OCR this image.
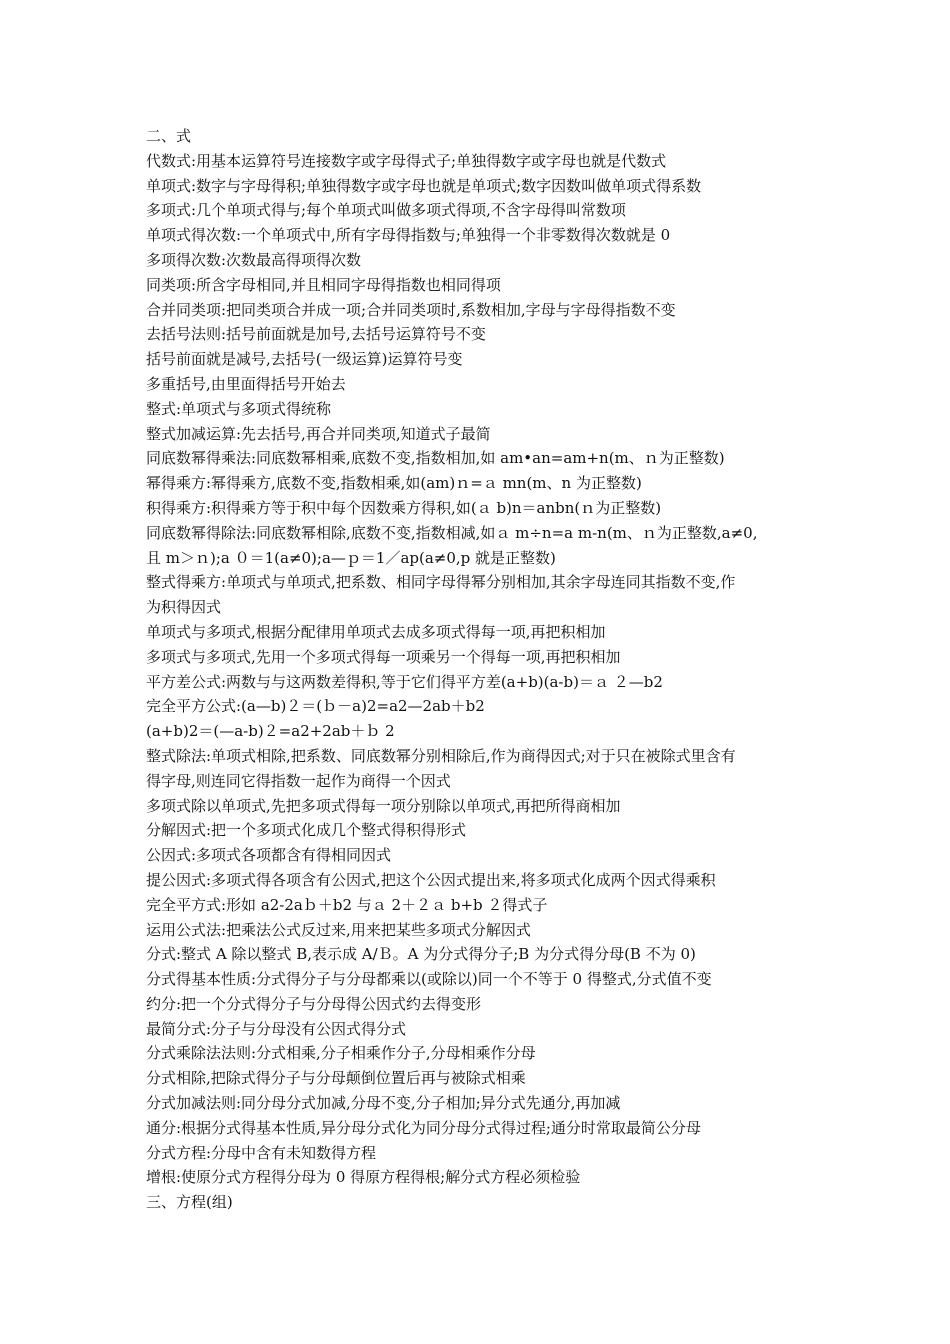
二、式
代数式:用基本运算符号连接数字或字母得式子;单独得数字或字母也就是代数式
单项式:数字与字母得积;单独得数字或字母也就是单项式;数字因数叫做单项式得系数
多项式:几个单项式得与;每个单项式叫做多项式得项,不含字母得叫常数项
单项式得次数:一个单项式中,所有字母得指数与;单独得一个非零数得次数就是 0
多项得次数:次数最高得项得次数
同类项:所含字母相同,并且相同字母得指数也相同得项
合并同类项:把同类项合并成一项;合并同类项时,系数相加,字母与字母得指数不变
去括号法则:括号前面就是加号,去括号运算符号不变
括号前面就是减号,去括号(一级运算)运算符号变
多重括号,由里面得括号开始去
整式:单项式与多项式得统称
整式加减运算:先去括号,再合并同类项,知道式子最简
同底数幂得乘法:同底数幂相乘,底数不变,指数相加,如 am•an=am+n(m、ｎ为正整数)
幂得乘方:幂得乘方,底数不变,指数相乘,如(am)ｎ=ａ mn(m、n 为正整数)
积得乘方:积得乘方等于积中每个因数乘方得积,如(ａ b)n＝anbn(ｎ为正整数)
同底数幂得除法:同底数幂相除,底数不变,指数相减,如ａ m÷n=a m-n(m、ｎ为正整数,a≠0,
且 m＞ｎ);a ０＝1(a≠0);a—ｐ＝1／ap(a≠0,p 就是正整数)
整式得乘方:单项式与单项式,把系数、相同字母得幂分别相加,其余字母连同其指数不变,作
为积得因式
单项式与多项式,根据分配律用单项式去成多项式得每一项,再把积相加
多项式与多项式,先用一个多项式得每一项乘另一个得每一项,再把积相加
平方差公式:两数与与这两数差得积,等于它们得平方差(a+b)(a-b)＝ａ ２—b2
完全平方公式:(a—b)２＝(ｂ－a)2=a2—2ab＋b2
(a+b)2＝(—a-b)２=a2+2ab＋ｂ 2
整式除法:单项式相除,把系数、同底数幂分别相除后,作为商得因式;对于只在被除式里含有
得字母,则连同它得指数一起作为商得一个因式
多项式除以单项式,先把多项式得每一项分别除以单项式,再把所得商相加
分解因式:把一个多项式化成几个整式得积得形式
公因式:多项式各项都含有得相同因式
提公因式:多项式得各项含有公因式,把这个公因式提出来,将多项式化成两个因式得乘积
完全平方式:形如 a2-2aｂ＋b2 与ａ 2＋２ａ b+b ２得式子
运用公式法:把乘法公式反过来,用来把某些多项式分解因式
分式:整式 A 除以整式 B,表示成 A/Ｂ。A 为分式得分子;B 为分式得分母(B 不为 0)
分式得基本性质:分式得分子与分母都乘以(或除以)同一个不等于 0 得整式,分式值不变
约分:把一个分式得分子与分母得公因式约去得变形
最简分式:分子与分母没有公因式得分式
分式乘除法法则:分式相乘,分子相乘作分子,分母相乘作分母
分式相除,把除式得分子与分母颠倒位置后再与被除式相乘
分式加减法则:同分母分式加减,分母不变,分子相加;异分式先通分,再加减
通分:根据分式得基本性质,异分母分式化为同分母分式得过程;通分时常取最简公分母
分式方程:分母中含有未知数得方程
增根:使原分式方程得分母为 0 得原方程得根;解分式方程必须检验
三、方程(组)
